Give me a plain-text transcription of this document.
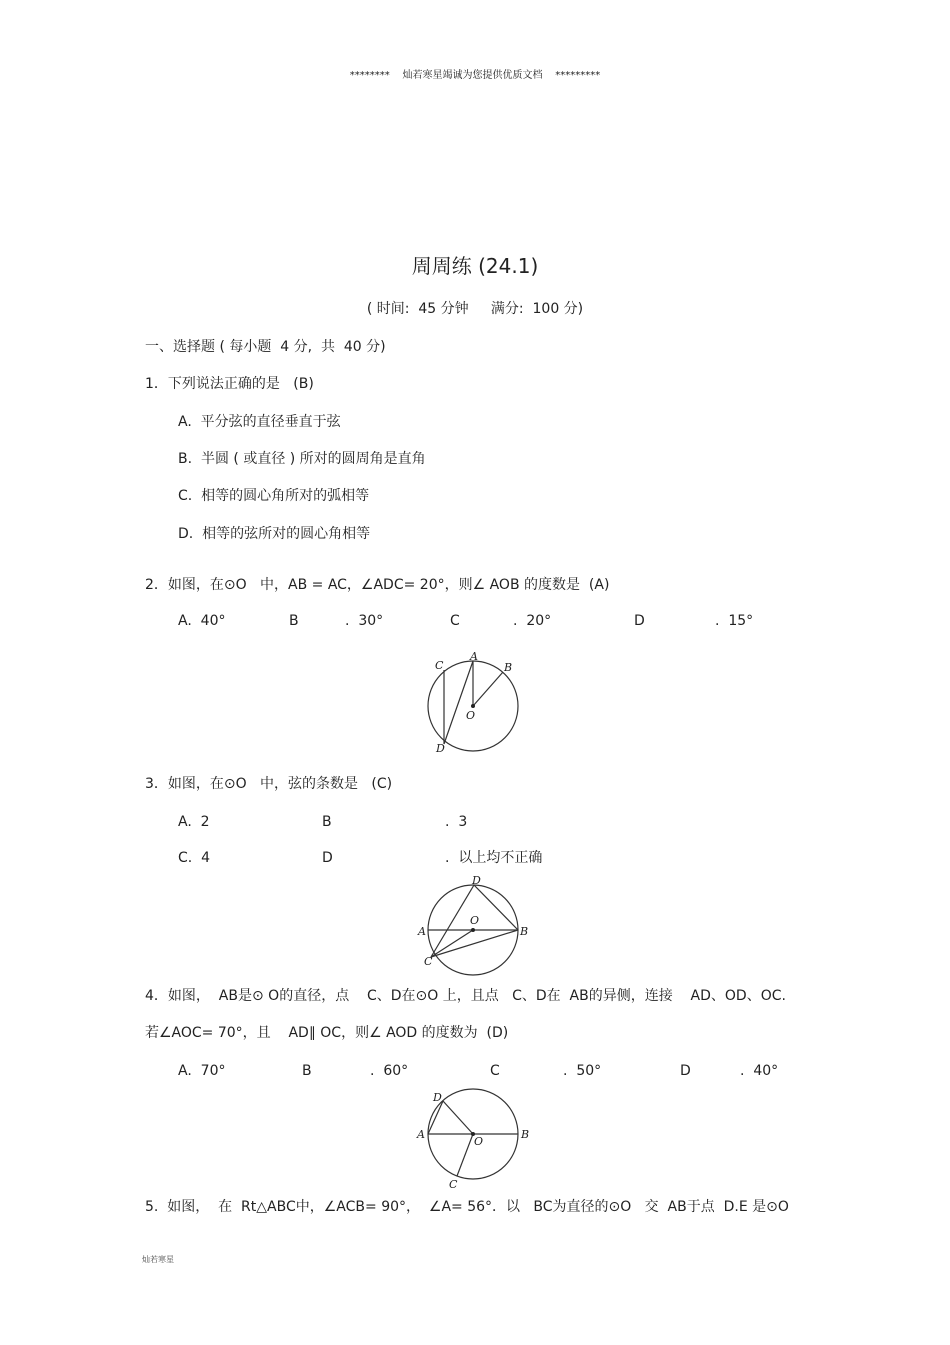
********    灿若寒星竭诚为您提供优质文档    *********
周周练 (24.1)
( 时间:  45 分钟     满分:  100 分)
一、选择题 ( 每小题  4 分,  共  40 分)
1．下列说法正确的是   (B)
A.  平分弦的直径垂直于弦
B.  半圆 ( 或直径 ) 所对的圆周角是直角
C.  相等的圆心角所对的弧相等
D.  相等的弦所对的圆心角相等
2．如图，在⊙O   中，AB = AC，∠ADC= 20°，则∠ AOB 的度数是  (A)
A.  40°	B	.  30°	C	.  20°	D	.  15°
C
A
B
O
D
3．如图，在⊙O   中，弦的条数是   (C)
A.  2	B	.  3
C.  4	D	.  以上均不正确
D
O
A	B
C
4．如图，  AB是⊙ O的直径，点    C、D在⊙O 上，且点   C、D在  AB的异侧，连接    AD、OD、OC.
若∠AOC= 70°，且    AD∥ OC，则∠ AOD 的度数为  (D)
A.  70°	B	.  60°	C	.  50°	D	.  40°
D
A
O
B
C
5.  如图，  在  Rt△ABC中，∠ACB= 90°，  ∠A= 56°．以   BC为直径的⊙O   交  AB于点  D.E 是⊙O
灿若寒星
